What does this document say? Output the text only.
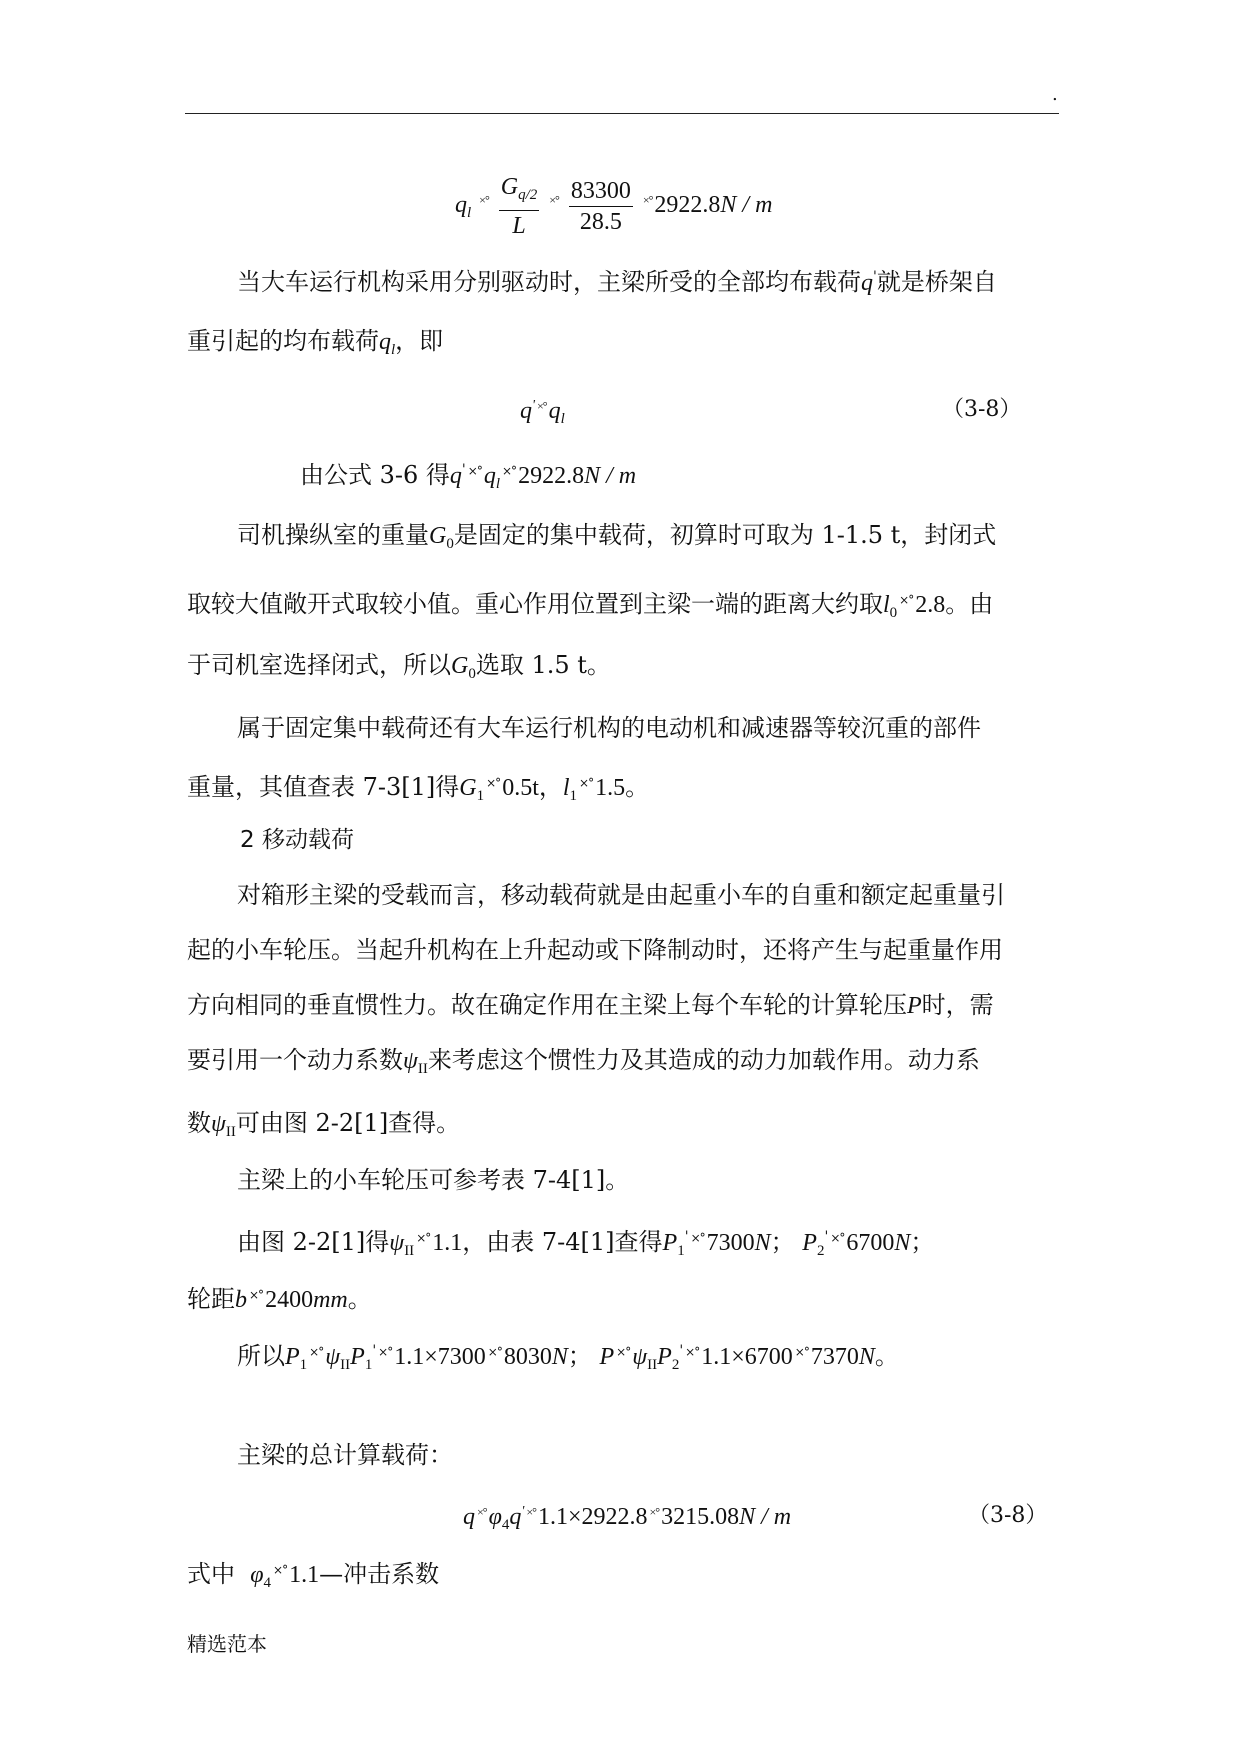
.
$q_l$ $^{\times^\circ} \frac{G_{q/2}}{L} ^{\times^\circ} \frac{83300}{28.5} ^{\times^\circ}2922.8N$ / m
当大车运行机构采用分别驱动时，主梁所受的全部均布载荷q'就是桥架自
重引起的均布载荷$q_l$，即
q' $^{\times^\circ}q_l$	（3-8）
由公式 3-6 得q' $^{\times^\circ}q_l^{\times^\circ}2922.8N$ / m
司机操纵室的重量$G_0$是固定的集中载荷，初算时可取为 1-1.5 t，封闭式
取较大值敞开式取较小值。重心作用位置到主梁一端的距离大约取$l_0^{\times^\circ}2.8$。由
于司机室选择闭式，所以$G_0$选取 1.5 t。
属于固定集中载荷还有大车运行机构的电动机和减速器等较沉重的部件
重量，其值查表 7-3[1]得$G_1^{\times^\circ}0.5t$，$l_1^{\times^\circ}1.5$。
2 移动载荷
对箱形主梁的受载而言，移动载荷就是由起重小车的自重和额定起重量引
起的小车轮压。当起升机构在上升起动或下降制动时，还将产生与起重量作用
方向相同的垂直惯性力。故在确定作用在主梁上每个车轮的计算轮压P时，需
要引用一个动力系数$\psi_{II}$来考虑这个惯性力及其造成的动力加载作用。动力系
数$\psi_{II}$可由图 2-2[1]查得。
主梁上的小车轮压可参考表 7-4[1]。
由图 2-2[1]得$\psi_{II}^{\times^\circ}1.1$，由表 7-4[1]查得$P_1'$ ×°7300N； $P_2'$ ×°6700N；
轮距b ×°2400mm。
所以$P_1^{\times^\circ}\psi_{II}P_1'$ ×°1.1×7300 ×°8030N； P $^{\times^\circ}\psi_{II}P_2'$ ×°1.1×6700 ×°7370N。
主梁的总计算载荷：
q $^{\times^\circ}\varphi_4q'$ ×°1.1×2922.8 ×°3215.08N / m	（3-8）
式中 $\varphi_4^{\times^\circ}1.1—$冲击系数
精选范本
